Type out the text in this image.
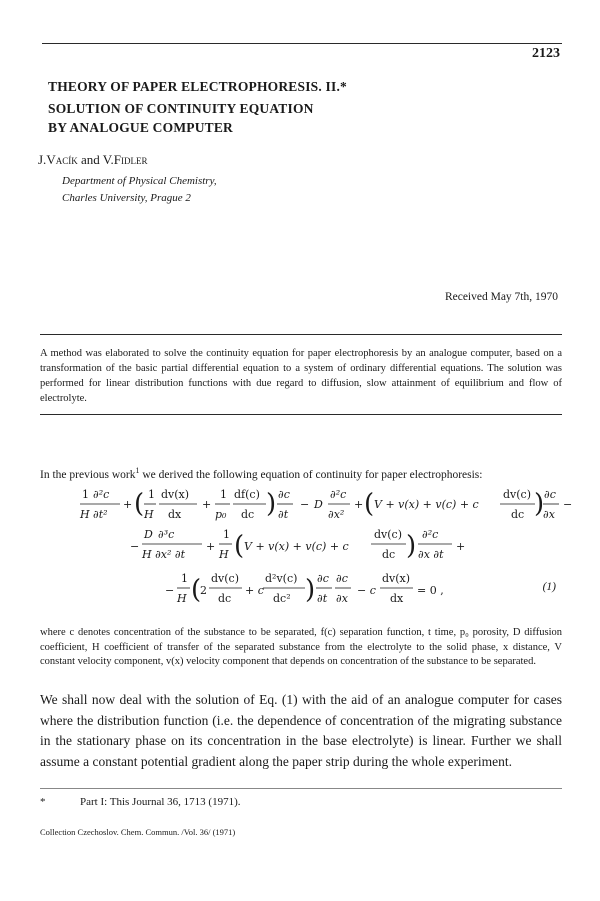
2123
THEORY OF PAPER ELECTROPHORESIS. II.*
SOLUTION OF CONTINUITY EQUATION
BY ANALOGUE COMPUTER
J.Vacík and V.Fidler
Department of Physical Chemistry,
Charles University, Prague 2
Received May 7th, 1970
A method was elaborated to solve the continuity equation for paper electrophoresis by an analogue computer, based on a transformation of the basic partial differential equation to a system of ordinary differential equations. The solution was performed for linear distribution functions with due regard to diffusion, slow attainment of equilibrium and flow of electrolyte.
In the previous work$^1$ we derived the following equation of continuity for paper electrophoresis:
1 ∂²c
H ∂t²
+ ( 1
H
dv(x)
dx
+
1
p₀
df(c)
dc ) ∂c
∂t
− D
∂²c
∂x²
+ ( V + v(x) + v(c) + c
dv(c)
dc ) ∂c
∂x
−
−
D ∂³c
H ∂x² ∂t
+
1
H ( V + v(x) + v(c) + c
dv(c)
dc ) ∂²c
∂x ∂t
+
−
1
H (
2
dv(c)
dc
+ c
d²v(c)
dc² ) ∂c
∂t
∂c
∂x
− c
dv(x)
dx
= 0 ,	(1)
where c denotes concentration of the substance to be separated, f(c) separation function, t time, p₀ porosity, D diffusion coefficient, H coefficient of transfer of the separated substance from the electrolyte to the solid phase, x distance, V constant velocity component, v(x) velocity component that depends on concentration of the substance to be separated.
We shall now deal with the solution of Eq. (1) with the aid of an analogue computer for cases where the distribution function (i.e. the dependence of concentration of the migrating substance in the stationary phase on its concentration in the base electrolyte) is linear. Further we shall assume a constant potential gradient along the paper strip during the whole experiment.
*	Part I: This Journal 36, 1713 (1971).
Collection Czechoslov. Chem. Commun. /Vol. 36/ (1971)
